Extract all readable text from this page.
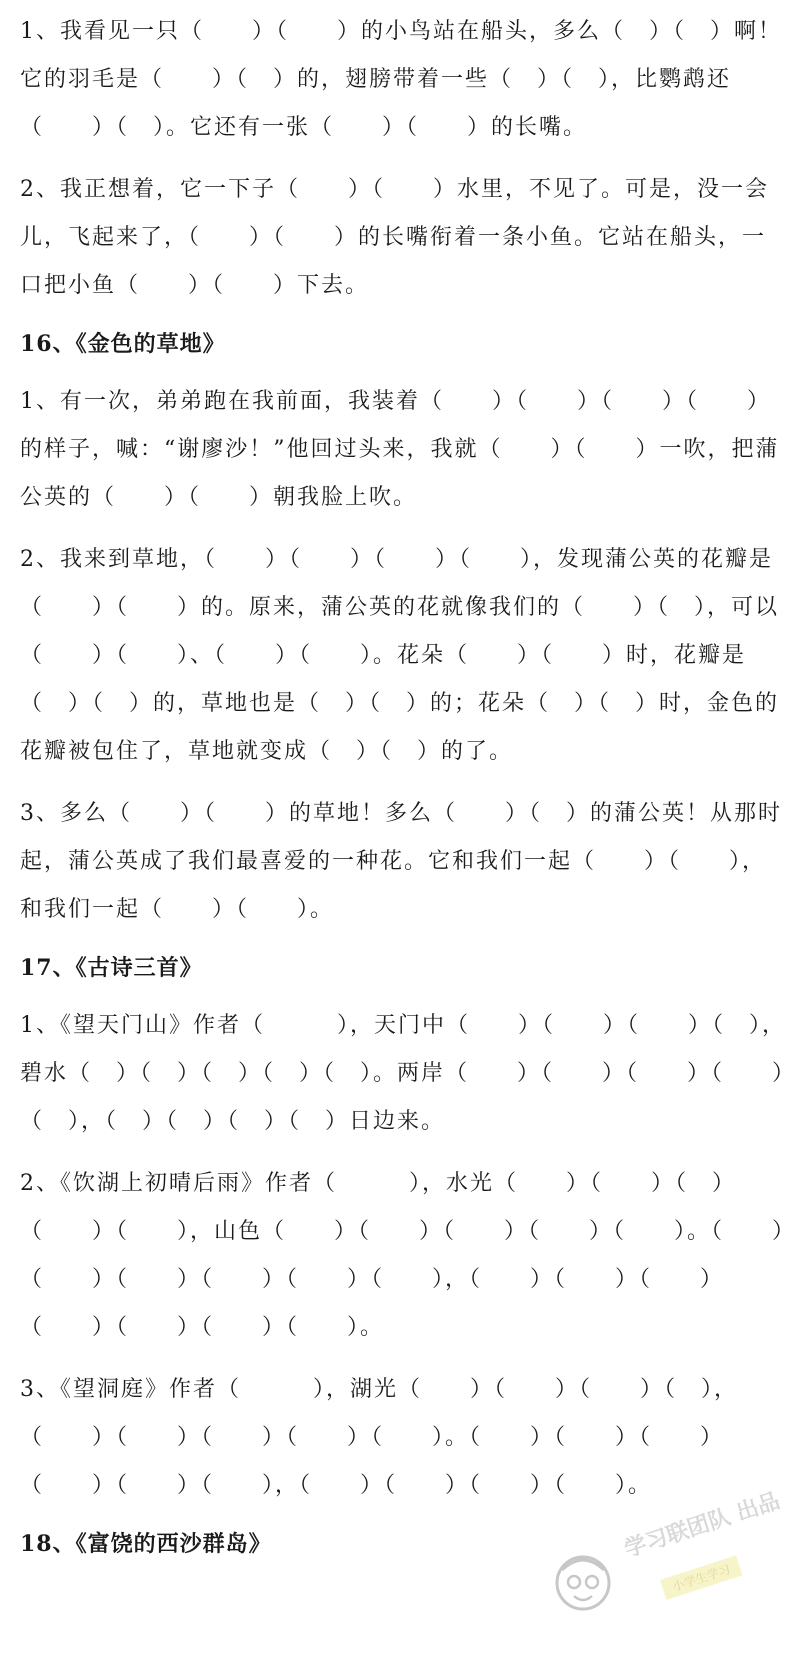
1、我看见一只（　　）（　　）的小鸟站在船头，多么（　）（　）啊！它的羽毛是（　　）（　）的，翅膀带着一些（　）（　），比鹦鹉还（　　）（　）。它还有一张（　　）（　　）的长嘴。

2、我正想着，它一下子（　　）（　　）水里，不见了。可是，没一会儿，飞起来了，（　　）（　　）的长嘴衔着一条小鱼。它站在船头，一口把小鱼（　　）（　　）下去。

16、《金色的草地》

1、有一次，弟弟跑在我前面，我装着（　　）（　　）（　　）（　　）的样子，喊：“谢廖沙！”他回过头来，我就（　　）（　　）一吹，把蒲公英的（　　）（　　）朝我脸上吹。

2、我来到草地，（　　）（　　）（　　）（　　），发现蒲公英的花瓣是（　　）（　　）的。原来，蒲公英的花就像我们的（　　）（　），可以（　　）（　　）、（　　）（　　）。花朵（　　）（　　）时，花瓣是（　）（　）的，草地也是（　）（　）的；花朵（　）（　）时，金色的花瓣被包住了，草地就变成（　）（　）的了。

3、多么（　　）（　　）的草地！多么（　　）（　）的蒲公英！从那时起，蒲公英成了我们最喜爱的一种花。它和我们一起（　　）（　　），和我们一起（　　）（　　）。

17、《古诗三首》

1、《望天门山》作者（　　　），天门中（　　）（　　）（　　）（　），碧水（　）（　）（　）（　）（　）。两岸（　　）（　　）（　　）（　　）（　），（　）（　）（　）（　）日边来。

2、《饮湖上初晴后雨》作者（　　　），水光（　　）（　　）（　）（　　）（　　），山色（　　）（　　）（　　）（　　）（　　）。（　　）（　　）（　　）（　　）（　　）（　　），（　　）（　　）（　　）（　　）（　　）（　　）（　　）。

3、《望洞庭》作者（　　　），湖光（　　）（　　）（　　）（　），（　　）（　　）（　　）（　　）（　　）。（　　）（　　）（　　）（　　）（　　）（　　），（　　）（　　）（　　）（　　）。

18、《富饶的西沙群岛》	学习联团队 出品
小学生学习
